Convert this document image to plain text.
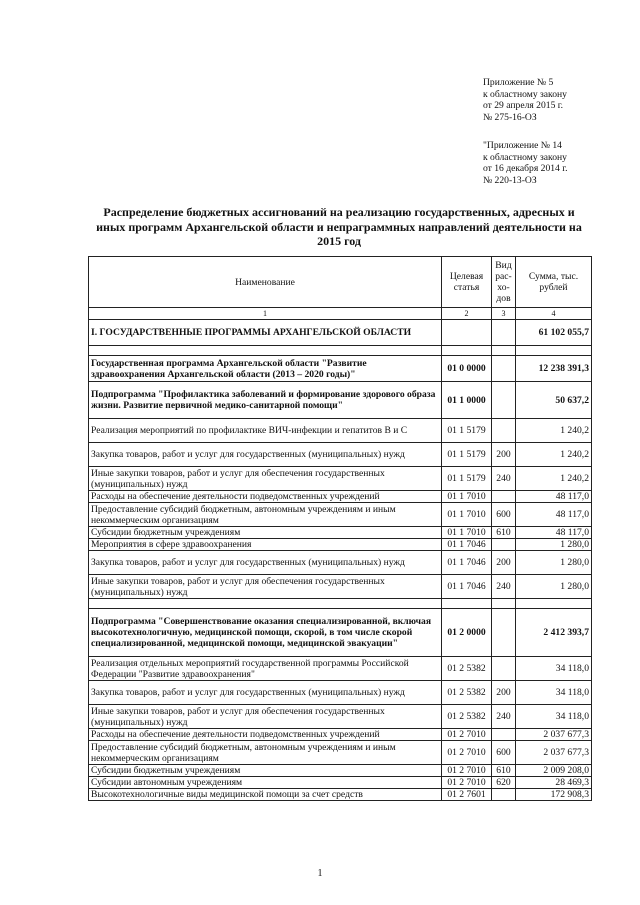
Приложение № 5
к областному закону
от 29 апреля 2015 г.
№ 275-16-ОЗ
"Приложение № 14
к областному закону
от 16 декабря 2014 г.
№ 220-13-ОЗ
Распределение бюджетных ассигнований на реализацию государственных, адресных и иных программ Архангельской области и непраграммных направлений деятельности на 2015 год
Наименование	Целевая статья	Вид рас-хо-дов	Сумма, тыс. рублей
1	2	3	4
I. ГОСУДАРСТВЕННЫЕ ПРОГРАММЫ АРХАНГЕЛЬСКОЙ ОБЛАСТИ			61 102 055,7

Государственная программа Архангельской области "Развитие здравоохранения Архангельской области (2013 – 2020 годы)"	01 0 0000		12 238 391,3
Подпрограмма "Профилактика заболеваний и формирование здорового образа жизни. Развитие первичной медико-санитарной помощи"	01 1 0000		50 637,2
Реализация мероприятий по профилактике ВИЧ-инфекции и гепатитов В и С	01 1 5179		1 240,2
Закупка товаров, работ и услуг для государственных (муниципальных) нужд	01 1 5179	200	1 240,2
Иные закупки товаров, работ и услуг для обеспечения государственных (муниципальных) нужд	01 1 5179	240	1 240,2
Расходы на обеспечение деятельности подведомственных учреждений	01 1 7010		48 117,0
Предоставление субсидий бюджетным, автономным учреждениям и иным некоммерческим организациям	01 1 7010	600	48 117,0
Субсидии бюджетным учреждениям	01 1 7010	610	48 117,0
Мероприятия в сфере здравоохранения	01 1 7046		1 280,0
Закупка товаров, работ и услуг для государственных (муниципальных) нужд	01 1 7046	200	1 280,0
Иные закупки товаров, работ и услуг для обеспечения государственных (муниципальных) нужд	01 1 7046	240	1 280,0

Подпрограмма "Совершенствование оказания специализированной, включая высокотехнологичную, медицинской помощи, скорой, в том числе скорой специализированной, медицинской помощи, медицинской эвакуации"	01 2 0000		2 412 393,7
Реализация отдельных мероприятий государственной программы Российской Федерации "Развитие здравоохранения"	01 2 5382		34 118,0
Закупка товаров, работ и услуг для государственных (муниципальных) нужд	01 2 5382	200	34 118,0
Иные закупки товаров, работ и услуг для обеспечения государственных (муниципальных) нужд	01 2 5382	240	34 118,0
Расходы на обеспечение деятельности подведомственных учреждений	01 2 7010		2 037 677,3
Предоставление субсидий бюджетным, автономным учреждениям и иным некоммерческим организациям	01 2 7010	600	2 037 677,3
Субсидии бюджетным учреждениям	01 2 7010	610	2 009 208,0
Субсидии автономным учреждениям	01 2 7010	620	28 469,3
Высокотехнологичные виды медицинской помощи за счет средств	01 2 7601		172 908,3
1
